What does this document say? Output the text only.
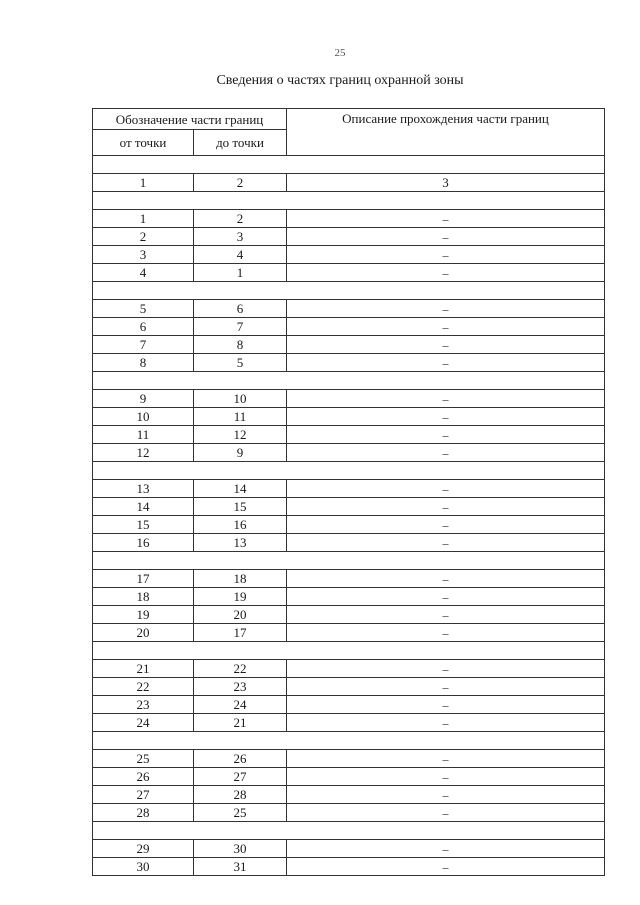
25
Сведения о частях границ охранной зоны
Обозначение части границ		Описание прохождения части границ
от точки	до точки	

1	2	3

1	2	–
2	3	–
3	4	–
4	1	–

5	6	–
6	7	–
7	8	–
8	5	–

9	10	–
10	11	–
11	12	–
12	9	–

13	14	–
14	15	–
15	16	–
16	13	–

17	18	–
18	19	–
19	20	–
20	17	–

21	22	–
22	23	–
23	24	–
24	21	–

25	26	–
26	27	–
27	28	–
28	25	–

29	30	–
30	31	–
